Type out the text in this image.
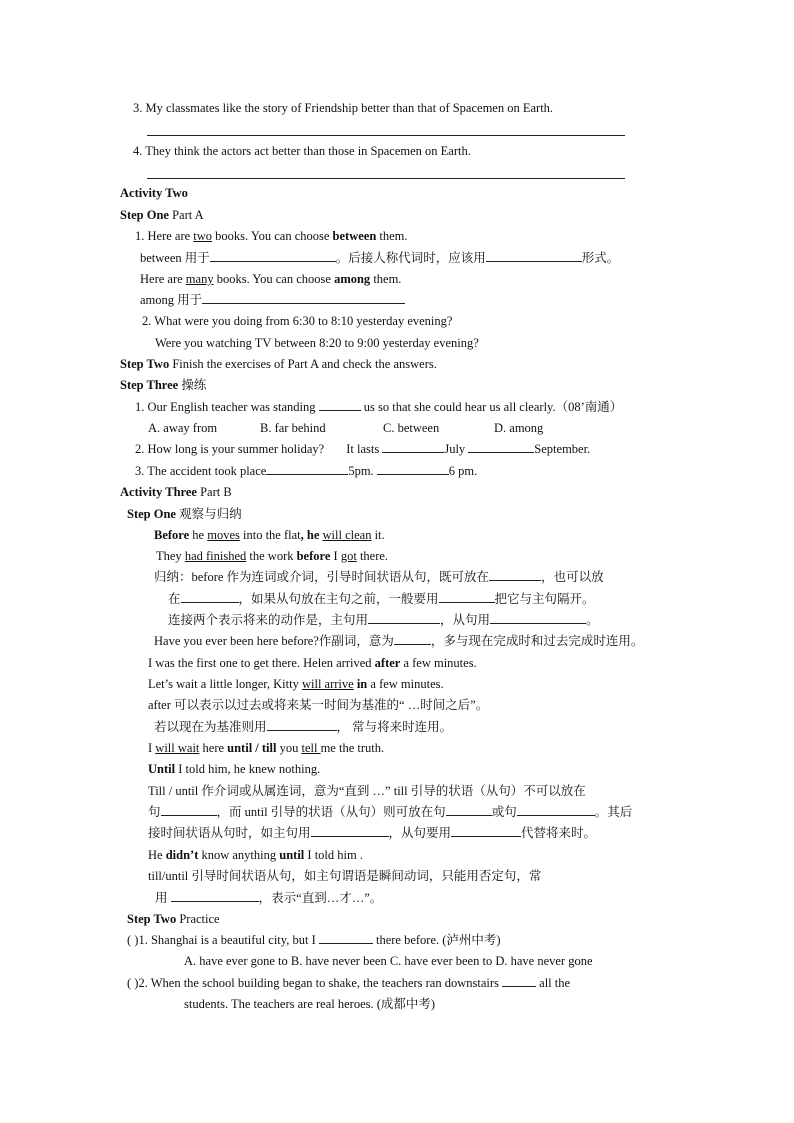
3. My classmates like the story of Friendship better than that of Spacemen on Earth.
4. They think the actors act better than those in Spacemen on Earth.
Activity Two
Step One Part A
1. Here are two books. You can choose between them.
between 用于	。后接人称代词时，应该用	形式。
Here are many books. You can choose among them.
among 用于
2. What were you doing from 6:30 to 8:10 yesterday evening?
Were you watching TV between 8:20 to 9:00 yesterday evening?
Step Two Finish the exercises of Part A and check the answers.
Step Three 操练
1. Our English teacher was standing	us so that she could hear us all clearly.（08’南通）
A. away from	B. far behind	C. between	D. among
2. How long is your summer holiday? It lasts	July	September.
3. The accident took place	5pm.	6 pm.
Activity Three Part B
Step One 观察与归纳
Before he moves into the flat, he will clean it.
They had finished the work before I got there.
归纳：before 作为连词或介词，引导时间状语从句，既可放在	，也可以放
在	，如果从句放在主句之前，一般要用	把它与主句隔开。
连接两个表示将来的动作是，主句用	，从句用	。
Have you ever been here before?作副词，意为	，多与现在完成时和过去完成时连用。
I was the first one to get there. Helen arrived after a few minutes.
Let’s wait a little longer, Kitty will arrive in a few minutes.
after 可以表示以过去或将来某一时间为基准的“ …时间之后”。
若以现在为基准则用	， 常与将来时连用。
I will wait here until / till you tell me the truth.
Until I told him, he knew nothing.
Till / until 作介词或从属连词，意为“直到 …” till 引导的状语（从句）不可以放在
句	，而 until 引导的状语（从句）则可放在句	或句	。其后
接时间状语从句时，如主句用	，从句要用	代替将来时。
He didn’t know anything until I told him .
till/until 引导时间状语从句，如主句谓语是瞬间动词，只能用否定句，常
用	，表示“直到…才…”。
Step Two Practice
( )1. Shanghai is a beautiful city, but I	there before. (泸州中考)
A. have ever gone to B. have never been C. have ever been to D. have never gone
( )2. When the school building began to shake, the teachers ran downstairs	all the
students. The teachers are real heroes. (成都中考)
